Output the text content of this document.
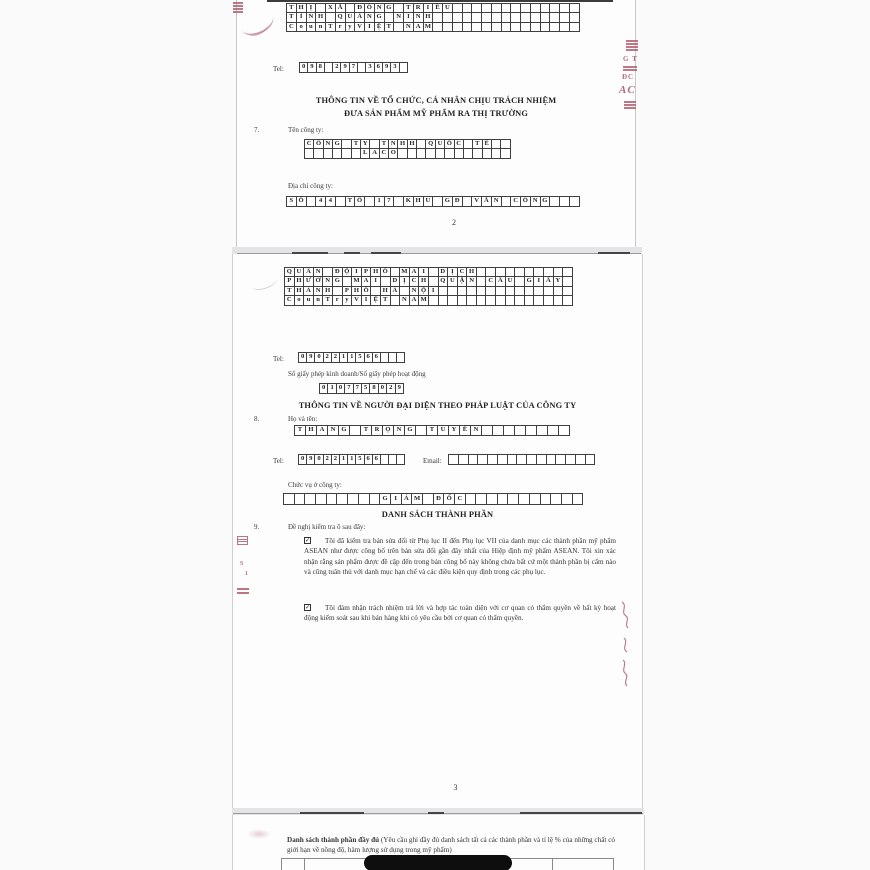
T H Ị X Ã Đ Ô N G T R I Ề U
T Ỉ N H Q U Ả N G N I N H
C o u n T r y V I Ệ T N A M
Tel:	0 9 8 2 9 7 3 6 9 3
THÔNG TIN VỀ TỔ CHỨC, CÁ NHÂN CHỊU TRÁCH NHIỆM
ĐƯA SẢN PHẨM MỸ PHẨM RA THỊ TRƯỜNG
7.	Tên công ty:
C Ô N G T Y T N H H Q U Ố C T Ế
L A C O
Địa chỉ công ty:
S Ố 4 4 T Ổ 1 7 K H U G Đ V Ă N C Ô N G
2
Q U Â N Đ Ộ I P H Ố M A I D Ị C H
P H Ư Ờ N G M A I D Ị C H Q U Ậ N C Ầ U G I Ấ Y
T H À N H P H Ố H À N Ộ I
C o u n T r y V I Ệ T N A M
Tel:	0 9 0 2 2 1 1 5 6 6
Số giấy phép kinh doanh/Số giấy phép hoạt động
0 1 0 7 7 5 8 0 2 9
THÔNG TIN VỀ NGƯỜI ĐẠI DIỆN THEO PHÁP LUẬT CỦA CÔNG TY
8.	Họ và tên:
T H A N G	T R Ọ N G	T U Y Ế N
Tel:	0 9 0 2 2 1 1 5 6 6	Email:

Chức vụ ở công ty:
G I Á M Đ Ố C
DANH SÁCH THÀNH PHẦN
9.	Đề nghị kiểm tra ô sau đây:
✓ Tôi đã kiểm tra bản sửa đổi từ Phụ lục II đến Phụ lục VII của danh mục các thành phần mỹ phẩm ASEAN như được công bố trên bản sửa đổi gần đây nhất của Hiệp định mỹ phẩm ASEAN. Tôi xin xác nhận rằng sản phẩm được đề cập đến trong bản công bố này không chứa bất cứ một thành phần bị cấm nào và cũng tuân thủ với danh mục hạn chế và các điều kiện quy định trong các phụ lục.
✓ Tôi đảm nhận trách nhiệm trả lời và hợp tác toàn diện với cơ quan có thẩm quyền về bất kỳ hoạt động kiểm soát sau khi bán hàng khi có yêu cầu bởi cơ quan có thẩm quyền.
3
Danh sách thành phần đầy đủ (Yêu cầu ghi đầy đủ danh sách tất cả các thành phần và tỉ lệ % của những chất có giới hạn về nồng độ, hàm lượng sử dụng trong mỹ phẩm)
G T
ĐC
AC
S
1
